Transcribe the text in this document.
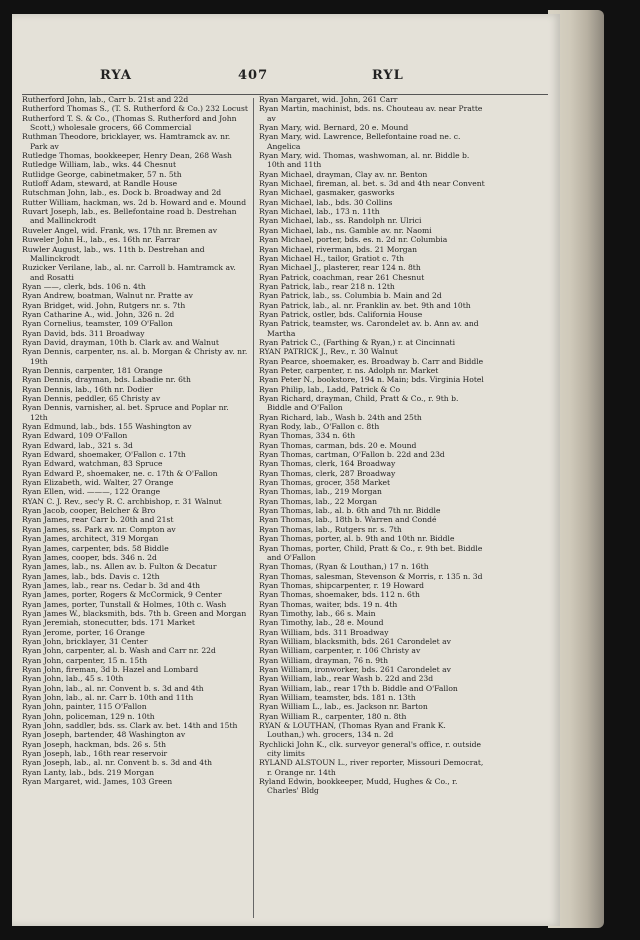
RYA	407	RYL
Rutherford John, lab., Carr b. 21st and 22d
Rutherford Thomas S., (T. S. Rutherford & Co.) 232 Locust
Rutherford T. S. & Co., (Thomas S. Rutherford and John Scott,) wholesale grocers, 66 Commercial
Ruthman Theodore, bricklayer, ws. Hamtramck av. nr. Park av
Rutledge Thomas, bookkeeper, Henry Dean, 268 Wash
Rutledge William, lab., wks. 44 Chesnut
Rutlidge George, cabinetmaker, 57 n. 5th
Rutloff Adam, steward, at Randle House
Rutschman John, lab., es. Dock b. Broadway and 2d
Rutter William, hackman, ws. 2d b. Howard and e. Mound
Ruvart Joseph, lab., es. Bellefontaine road b. Destrehan and Mallinckrodt
Ruveler Angel, wid. Frank, ws. 17th nr. Bremen av
Ruweler John H., lab., es. 16th nr. Farrar
Ruwler August, lab., ws. 11th b. Destrehan and Mallinckrodt
Ruzicker Verilane, lab., al. nr. Carroll b. Hamtramck av. and Rosatti
Ryan ——, clerk, bds. 106 n. 4th
Ryan Andrew, boatman, Walnut nr. Pratte av
Ryan Bridget, wid. John, Rutgers nr. s. 7th
Ryan Catharine A., wid. John, 326 n. 2d
Ryan Cornelius, teamster, 109 O'Fallon
Ryan David, bds. 311 Broadway
Ryan David, drayman, 10th b. Clark av. and Walnut
Ryan Dennis, carpenter, ns. al. b. Morgan & Christy av. nr. 19th
Ryan Dennis, carpenter, 181 Orange
Ryan Dennis, drayman, bds. Labadie nr. 6th
Ryan Dennis, lab., 16th nr. Dodier
Ryan Dennis, peddler, 65 Christy av
Ryan Dennis, varnisher, al. bet. Spruce and Poplar nr. 12th
Ryan Edmund, lab., bds. 155 Washington av
Ryan Edward, 109 O'Fallon
Ryan Edward, lab., 321 s. 3d
Ryan Edward, shoemaker, O'Fallon c. 17th
Ryan Edward, watchman, 83 Spruce
Ryan Edward P., shoemaker, ne. c. 17th & O'Fallon
Ryan Elizabeth, wid. Walter, 27 Orange
Ryan Ellen, wid. ———, 122 Orange
RYAN C. J. Rev., sec'y R. C. archbishop, r. 31 Walnut
Ryan Jacob, cooper, Belcher & Bro
Ryan James, rear Carr b. 20th and 21st
Ryan James, ss. Park av. nr. Compton av
Ryan James, architect, 319 Morgan
Ryan James, carpenter, bds. 58 Biddle
Ryan James, cooper, bds. 346 n. 2d
Ryan James, lab., ns. Allen av. b. Fulton & Decatur
Ryan James, lab., bds. Davis c. 12th
Ryan James, lab., rear ns. Cedar b. 3d and 4th
Ryan James, porter, Rogers & McCormick, 9 Center
Ryan James, porter, Tunstall & Holmes, 10th c. Wash
Ryan James W., blacksmith, bds. 7th b. Green and Morgan
Ryan Jeremiah, stonecutter, bds. 171 Market
Ryan Jerome, porter, 16 Orange
Ryan John, bricklayer, 31 Center
Ryan John, carpenter, al. b. Wash and Carr nr. 22d
Ryan John, carpenter, 15 n. 15th
Ryan John, fireman, 3d b. Hazel and Lombard
Ryan John, lab., 45 s. 10th
Ryan John, lab., al. nr. Convent b. s. 3d and 4th
Ryan John, lab., al. nr. Carr b. 10th and 11th
Ryan John, painter, 115 O'Fallon
Ryan John, policeman, 129 n. 10th
Ryan John, saddler, bds. ss. Clark av. bet. 14th and 15th
Ryan Joseph, bartender, 48 Washington av
Ryan Joseph, hackman, bds. 26 s. 5th
Ryan Joseph, lab., 16th rear reservoir
Ryan Joseph, lab., al. nr. Convent b. s. 3d and 4th
Ryan Lanty, lab., bds. 219 Morgan
Ryan Margaret, wid. James, 103 Green
Ryan Margaret, wid. John, 261 Carr
Ryan Martin, machinist, bds. ns. Chouteau av. near Pratte av
Ryan Mary, wid. Bernard, 20 e. Mound
Ryan Mary, wid. Lawrence, Bellefontaine road ne. c. Angelica
Ryan Mary, wid. Thomas, washwoman, al. nr. Biddle b. 10th and 11th
Ryan Michael, drayman, Clay av. nr. Benton
Ryan Michael, fireman, al. bet. s. 3d and 4th near Convent
Ryan Michael, gasmaker, gasworks
Ryan Michael, lab., bds. 30 Collins
Ryan Michael, lab., 173 n. 11th
Ryan Michael, lab., ss. Randolph nr. Ulrici
Ryan Michael, lab., ns. Gamble av. nr. Naomi
Ryan Michael, porter, bds. es. n. 2d nr. Columbia
Ryan Michael, riverman, bds. 21 Morgan
Ryan Michael H., tailor, Gratiot c. 7th
Ryan Michael J., plasterer, rear 124 n. 8th
Ryan Patrick, coachman, rear 261 Chesnut
Ryan Patrick, lab., rear 218 n. 12th
Ryan Patrick, lab., ss. Columbia b. Main and 2d
Ryan Patrick, lab., al. nr. Franklin av. bet. 9th and 10th
Ryan Patrick, ostler, bds. California House
Ryan Patrick, teamster, ws. Carondelet av. b. Ann av. and Martha
Ryan Patrick C., (Farthing & Ryan,) r. at Cincinnati
RYAN PATRICK J., Rev., r. 30 Walnut
Ryan Pearce, shoemaker, es. Broadway b. Carr and Biddle
Ryan Peter, carpenter, r. ns. Adolph nr. Market
Ryan Peter N., bookstore, 194 n. Main; bds. Virginia Hotel
Ryan Philip, lab., Ladd, Patrick & Co
Ryan Richard, drayman, Child, Pratt & Co., r. 9th b. Biddle and O'Fallon
Ryan Richard, lab., Wash b. 24th and 25th
Ryan Rody, lab., O'Fallon c. 8th
Ryan Thomas, 334 n. 6th
Ryan Thomas, carman, bds. 20 e. Mound
Ryan Thomas, cartman, O'Fallon b. 22d and 23d
Ryan Thomas, clerk, 164 Broadway
Ryan Thomas, clerk, 287 Broadway
Ryan Thomas, grocer, 358 Market
Ryan Thomas, lab., 219 Morgan
Ryan Thomas, lab., 22 Morgan
Ryan Thomas, lab., al. b. 6th and 7th nr. Biddle
Ryan Thomas, lab., 18th b. Warren and Condé
Ryan Thomas, lab., Rutgers nr. s. 7th
Ryan Thomas, porter, al. b. 9th and 10th nr. Biddle
Ryan Thomas, porter, Child, Pratt & Co., r. 9th bet. Biddle and O'Fallon
Ryan Thomas, (Ryan & Louthan,) 17 n. 16th
Ryan Thomas, salesman, Stevenson & Morris, r. 135 n. 3d
Ryan Thomas, shipcarpenter, r. 19 Howard
Ryan Thomas, shoemaker, bds. 112 n. 6th
Ryan Thomas, waiter, bds. 19 n. 4th
Ryan Timothy, lab., 66 s. Main
Ryan Timothy, lab., 28 e. Mound
Ryan William, bds. 311 Broadway
Ryan William, blacksmith, bds. 261 Carondelet av
Ryan William, carpenter, r. 106 Christy av
Ryan William, drayman, 76 n. 9th
Ryan William, ironworker, bds. 261 Carondelet av
Ryan William, lab., rear Wash b. 22d and 23d
Ryan William, lab., rear 17th b. Biddle and O'Fallon
Ryan William, teamster, bds. 181 n. 13th
Ryan William L., lab., es. Jackson nr. Barton
Ryan William R., carpenter, 180 n. 8th
RYAN & LOUTHAN, (Thomas Ryan and Frank K. Louthan,) wh. grocers, 134 n. 2d
Rychlicki John K., clk. surveyor general's office, r. outside city limits
RYLAND ALSTOUN L., river reporter, Missouri Democrat, r. Orange nr. 14th
Ryland Edwin, bookkeeper, Mudd, Hughes & Co., r. Charles' Bldg
